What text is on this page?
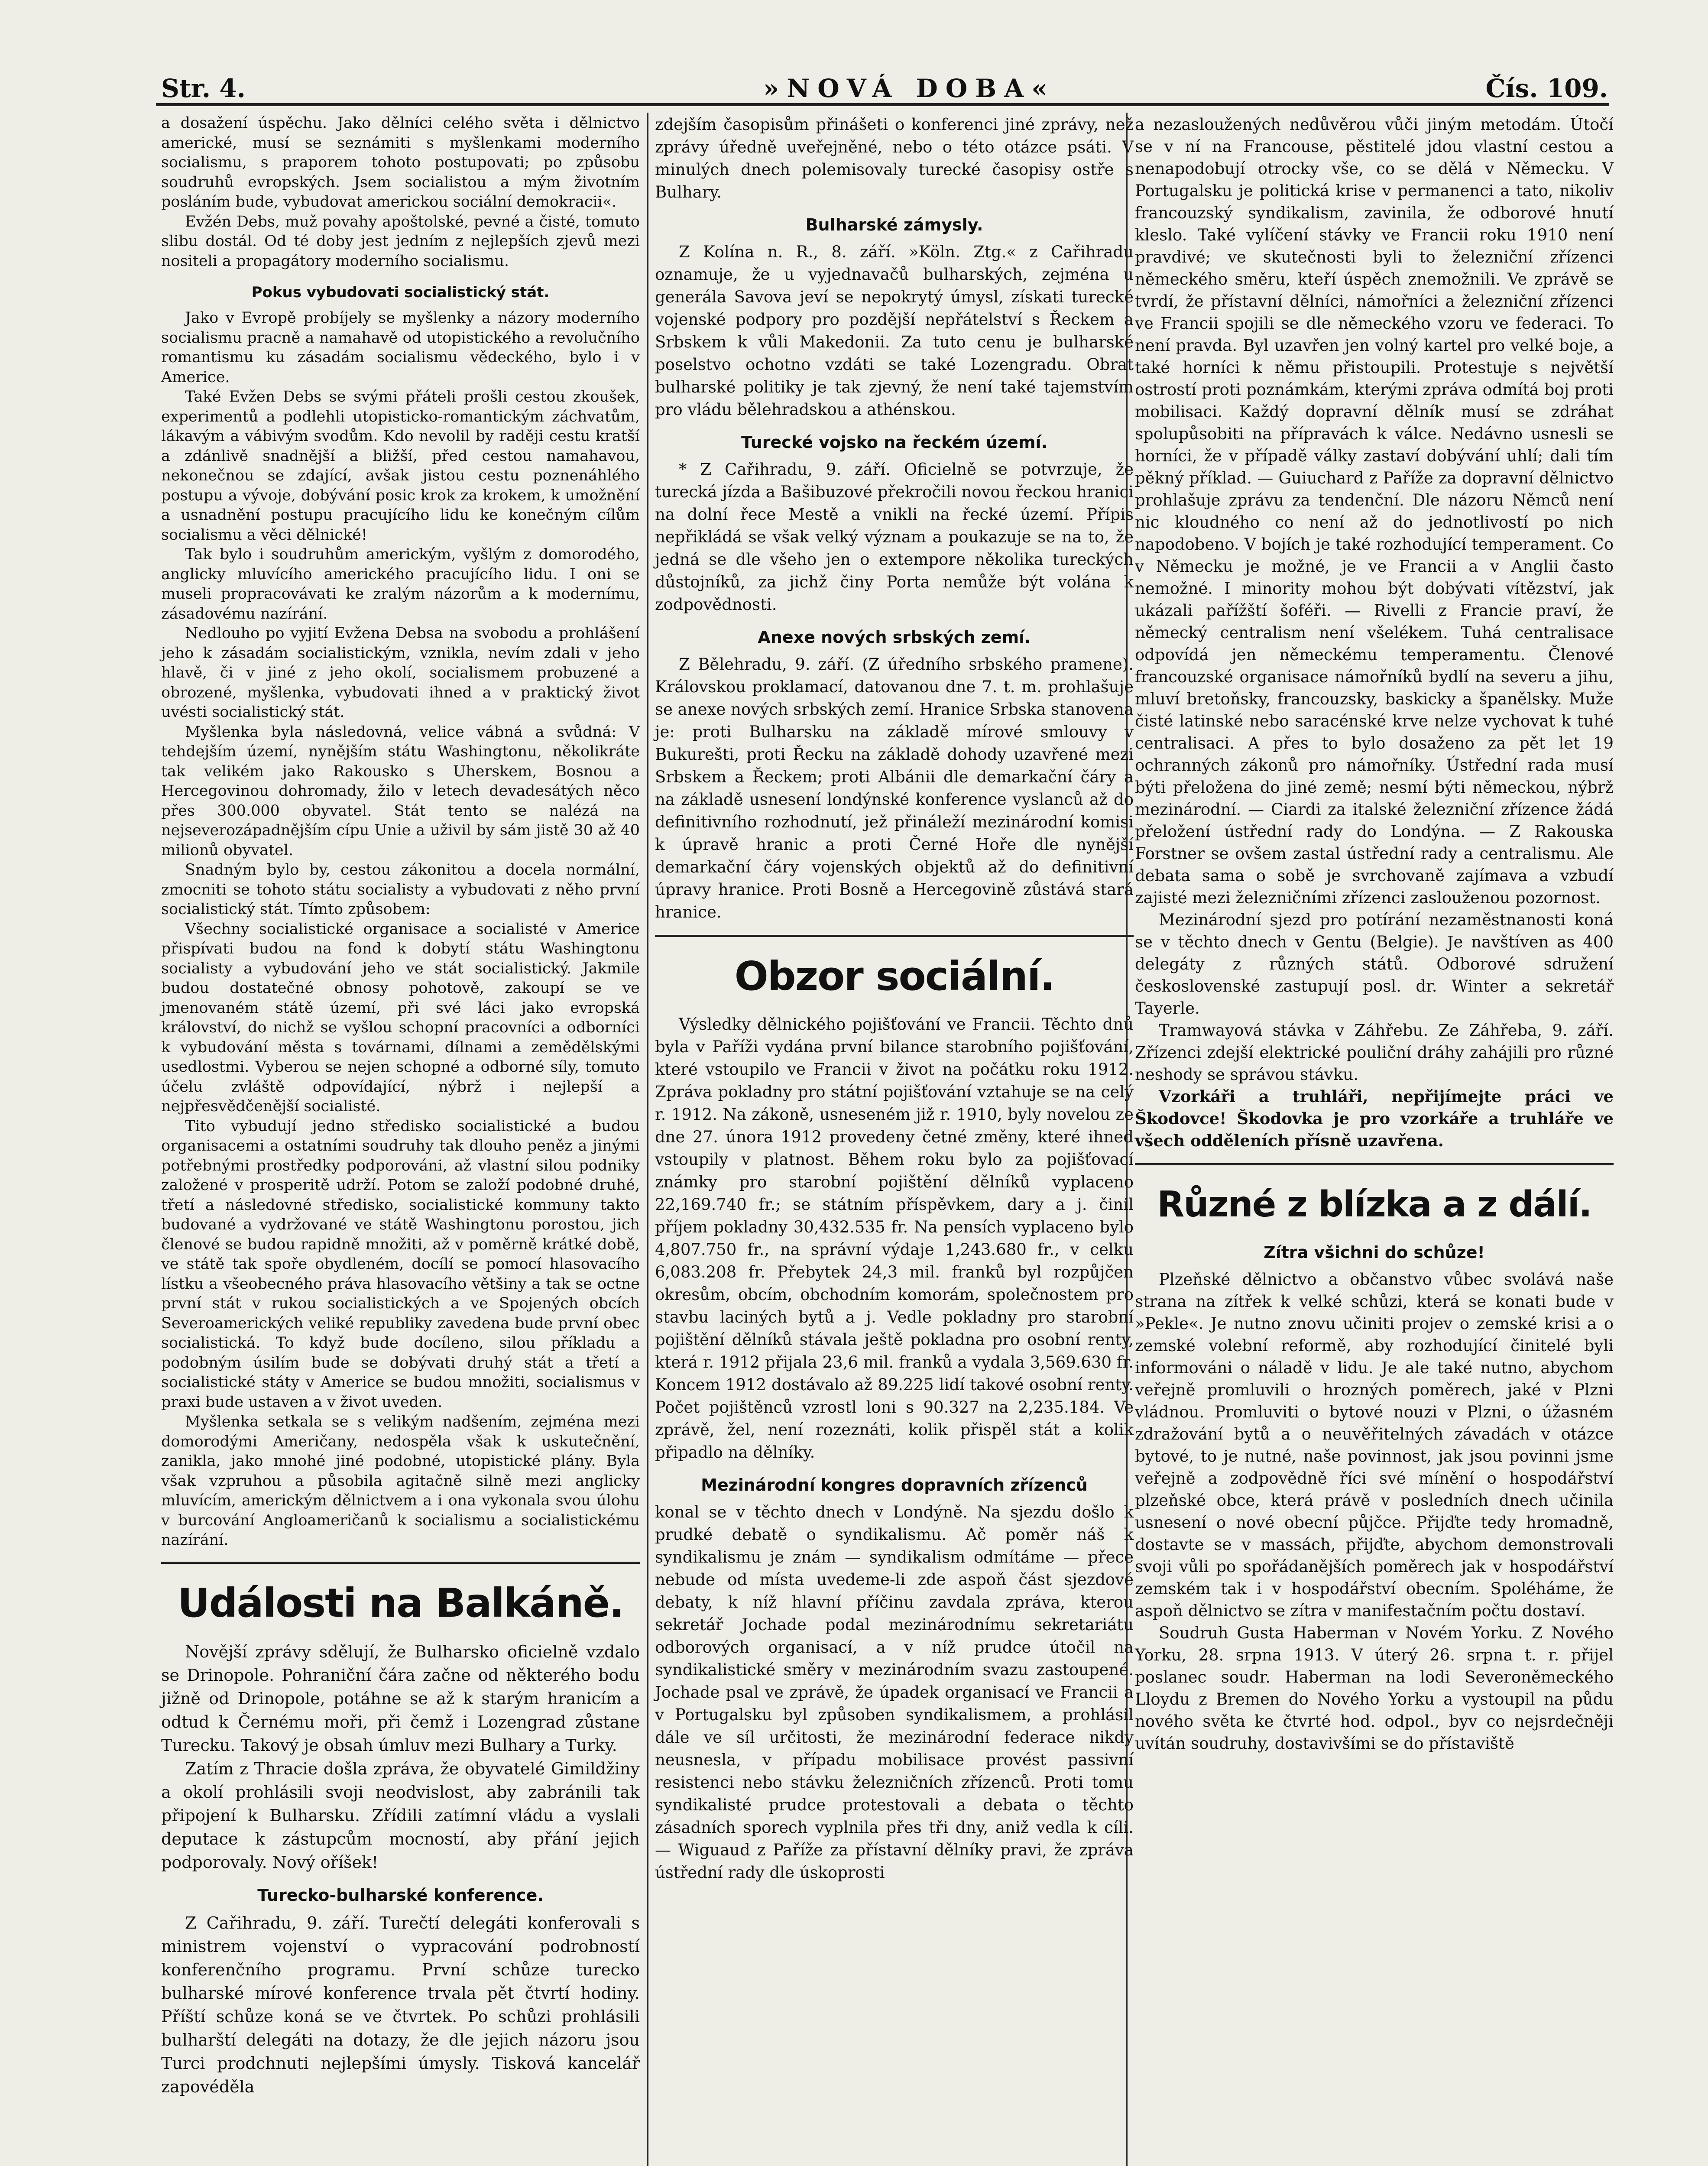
Str. 4.	»NOVÁ DOBA«	Čís. 109.

a dosažení úspěchu. Jako dělníci celého světa i dělnictvo americké, musí se seznámiti s myšlenkami moderního socialismu, s praporem tohoto postupovati; po způsobu soudruhů evropských. Jsem socialistou a mým životním posláním bude, vybudovat americkou sociální demokracii«.

Evžén Debs, muž povahy apoštolské, pevné a čisté, tomuto slibu dostál. Od té doby jest jedním z nejlepších zjevů mezi nositeli a propagátory moderního socialismu.

Pokus vybudovati socialistický stát.

Jako v Evropě probíjely se myšlenky a názory moderního socialismu pracně a namahavě od utopistického a revolučního romantismu ku zásadám socialismu vědeckého, bylo i v Americe.

Také Evžen Debs se svými přáteli prošli cestou zkoušek, experimentů a podlehli utopisticko-romantickým záchvatům, lákavým a vábivým svodům. Kdo nevolil by raději cestu kratší a zdánlivě snadnější a bližší, před cestou namahavou, nekonečnou se zdající, avšak jistou cestu poznenáhlého postupu a vývoje, dobývání posic krok za krokem, k umožnění a usnadnění postupu pracujícího lidu ke konečným cílům socialismu a věci dělnické!

Tak bylo i soudruhům americkým, vyšlým z domorodého, anglicky mluvícího amerického pracujícího lidu. I oni se museli propracovávati ke zralým názorům a k modernímu, zásadovému nazírání.

Nedlouho po vyjití Evžena Debsa na svobodu a prohlášení jeho k zásadám socialistickým, vznikla, nevím zdali v jeho hlavě, či v jiné z jeho okolí, socialismem probuzené a obrozené, myšlenka, vybudovati ihned a v praktický život uvésti socialistický stát.

Myšlenka byla následovná, velice vábná a svůdná: V tehdejším území, nynějším státu Washingtonu, několikráte tak velikém jako Rakousko s Uherskem, Bosnou a Hercegovinou dohromady, žilo v letech devadesátých něco přes 300.000 obyvatel. Stát tento se nalézá na nejseverozápadnějším cípu Unie a uživil by sám jistě 30 až 40 milionů obyvatel.

Snadným bylo by, cestou zákonitou a docela normální, zmocniti se tohoto státu socialisty a vybudovati z něho první socialistický stát. Tímto způsobem:

Všechny socialistické organisace a socialisté v Americe přispívati budou na fond k dobytí státu Washingtonu socialisty a vybudování jeho ve stát socialistický. Jakmile budou dostatečné obnosy pohotově, zakoupí se ve jmenovaném státě území, při své láci jako evropská království, do nichž se vyšlou schopní pracovníci a odborníci k vybudování města s továrnami, dílnami a zemědělskými usedlostmi. Vyberou se nejen schopné a odborné síly, tomuto účelu zvláště odpovídající, nýbrž i nejlepší a nejpřesvědčenější socialisté.

Tito vybudují jedno středisko socialistické a budou organisacemi a ostatními soudruhy tak dlouho peněz a jinými potřebnými prostředky podporováni, až vlastní silou podniky založené v prosperitě udrží. Potom se založí podobné druhé, třetí a následovné středisko, socialistické kommuny takto budované a vydržované ve státě Washingtonu porostou, jich členové se budou rapidně množiti, až v poměrně krátké době, ve státě tak spoře obydleném, docílí se pomocí hlasovacího lístku a všeobecného práva hlasovacího většiny a tak se octne první stát v rukou socialistických a ve Spojených obcích Severoamerických veliké republiky zavedena bude první obec socialistická. To když bude docíleno, silou příkladu a podobným úsilím bude se dobývati druhý stát a třetí a socialistické státy v Americe se budou množiti, socialismus v praxi bude ustaven a v život uveden.

Myšlenka setkala se s velikým nadšením, zejména mezi domorodými Američany, nedospěla však k uskutečnění, zanikla, jako mnohé jiné podobné, utopistické plány. Byla však vzpruhou a působila agitačně silně mezi anglicky mluvícím, americkým dělnictvem a i ona vykonala svou úlohu v burcování Angloameričanů k socialismu a socialistickému nazírání.

Události na Balkáně.

Novější zprávy sdělují, že Bulharsko oficielně vzdalo se Drinopole. Pohraniční čára začne od některého bodu jižně od Drinopole, potáhne se až k starým hranicím a odtud k Černému moři, při čemž i Lozengrad zůstane Turecku. Takový je obsah úmluv mezi Bulhary a Turky.

Zatím z Thracie došla zpráva, že obyvatelé Gimildžiny a okolí prohlásili svoji neodvislost, aby zabránili tak připojení k Bulharsku. Zřídili zatímní vládu a vyslali deputace k zástupcům mocností, aby přání jejich podporovaly. Nový oříšek!

Turecko-bulharské konference.

Z Cařihradu, 9. září. Turečtí delegáti konferovali s ministrem vojenství o vypracování podrobností konferenčního programu. První schůze turecko bulharské mírové konference trvala pět čtvrtí hodiny. Příští schůze koná se ve čtvrtek. Po schůzi prohlásili bulharští delegáti na dotazy, že dle jejich názoru jsou Turci prodchnuti nejlepšími úmysly. Tisková kancelář zapovéděla

zdejším časopisům přinášeti o konferenci jiné zprávy, než zprávy úředně uveřejněné, nebo o této otázce psáti. V minulých dnech polemisovaly turecké časopisy ostře s Bulhary.

Bulharské zámysly.

Z Kolína n. R., 8. září. »Köln. Ztg.« z Cařihradu oznamuje, že u vyjednavačů bulharských, zejména u generála Savova jeví se nepokrytý úmysl, získati turecké vojenské podpory pro pozdější nepřátelství s Řeckem a Srbskem k vůli Makedonii. Za tuto cenu je bulharské poselstvo ochotno vzdáti se také Lozengradu. Obrat bulharské politiky je tak zjevný, že není také tajemstvím pro vládu bělehradskou a athénskou.

Turecké vojsko na řeckém území.

* Z Cařihradu, 9. září. Oficielně se potvrzuje, že turecká jízda a Bašibuzové překročili novou řeckou hranici na dolní řece Mestě a vnikli na řecké území. Přípis nepřikládá se však velký význam a poukazuje se na to, že jedná se dle všeho jen o extempore několika tureckých důstojníků, za jichž činy Porta nemůže být volána k zodpovědnosti.

Anexe nových srbských zemí.

Z Bělehradu, 9. září. (Z úředního srbského pramene). Královskou proklamací, datovanou dne 7. t. m. prohlašuje se anexe nových srbských zemí. Hranice Srbska stanovena je: proti Bulharsku na základě mírové smlouvy v Bukurešti, proti Řecku na základě dohody uzavřené mezi Srbskem a Řeckem; proti Albánii dle demarkační čáry a na základě usnesení londýnské konference vyslanců až do definitivního rozhodnutí, jež přináleží mezinárodní komisi k úpravě hranic a proti Černé Hoře dle nynější demarkační čáry vojenských objektů až do definitivní úpravy hranice. Proti Bosně a Hercegovině zůstává stará hranice.

Obzor sociální.

Výsledky dělnického pojišťování ve Francii. Těchto dnů byla v Paříži vydána první bilance starobního pojišťování, které vstoupilo ve Francii v život na počátku roku 1912. Zpráva pokladny pro státní pojišťování vztahuje se na celý r. 1912. Na zákoně, usneseném již r. 1910, byly novelou ze dne 27. února 1912 provedeny četné změny, které ihned vstoupily v platnost. Během roku bylo za pojišťovací známky pro starobní pojištění dělníků vyplaceno 22,169.740 fr.; se státním příspěvkem, dary a j. činil příjem pokladny 30,432.535 fr. Na pensích vyplaceno bylo 4,807.750 fr., na správní výdaje 1,243.680 fr., v celku 6,083.208 fr. Přebytek 24,3 mil. franků byl rozpůjčen okresům, obcím, obchodním komorám, společnostem pro stavbu laciných bytů a j. Vedle pokladny pro starobní pojištění dělníků stávala ještě pokladna pro osobní renty, která r. 1912 přijala 23,6 mil. franků a vydala 3,569.630 fr. Koncem 1912 dostávalo až 89.225 lidí takové osobní renty. Počet pojištěnců vzrostl loni s 90.327 na 2,235.184. Ve zprávě, žel, není rozeznáti, kolik přispěl stát a kolik připadlo na dělníky.

Mezinárodní kongres dopravních zřízenců

konal se v těchto dnech v Londýně. Na sjezdu došlo k prudké debatě o syndikalismu. Ač poměr náš k syndikalismu je znám — syndikalism odmítáme — přece nebude od místa uvedeme-li zde aspoň část sjezdové debaty, k níž hlavní příčinu zavdala zpráva, kterou sekretář Jochade podal mezinárodnímu sekretariátu odborových organisací, a v níž prudce útočil na syndikalistické směry v mezinárodním svazu zastoupené. Jochade psal ve zprávě, že úpadek organisací ve Francii a v Portugalsku byl způsoben syndikalismem, a prohlásil dále ve síl určitosti, že mezinárodní federace nikdy neusnesla, v případu mobilisace provést passivní resistenci nebo stávku železničních zřízenců. Proti tomu syndikalisté prudce protestovali a debata o těchto zásadních sporech vyplnila přes tři dny, aniž vedla k cíli. — Wiguaud z Paříže za přístavní dělníky pravi, že zpráva ústřední rady dle úskoprosti

a nezasloužených nedůvěrou vůči jiným metodám. Útočí se v ní na Francouse, pěstitelé jdou vlastní cestou a nenapodobují otrocky vše, co se dělá v Německu. V Portugalsku je politická krise v permanenci a tato, nikoliv francouzský syndikalism, zavinila, že odborové hnutí kleslo. Také vylíčení stávky ve Francii roku 1910 není pravdivé; ve skutečnosti byli to železniční zřízenci německého směru, kteří úspěch znemožnili. Ve zprávě se tvrdí, že přístavní dělníci, námořníci a železniční zřízenci ve Francii spojili se dle německého vzoru ve federaci. To není pravda. Byl uzavřen jen volný kartel pro velké boje, a také horníci k němu přistoupili. Protestuje s největší ostrostí proti poznámkám, kterými zpráva odmítá boj proti mobilisaci. Každý dopravní dělník musí se zdráhat spolupůsobiti na přípravách k válce. Nedávno usnesli se horníci, že v případě války zastaví dobývání uhlí; dali tím pěkný příklad. — Guiuchard z Paříže za dopravní dělnictvo prohlašuje zprávu za tendenční. Dle názoru Němců není nic kloudného co není až do jednotlivostí po nich napodobeno. V bojích je také rozhodující temperament. Co v Německu je možné, je ve Francii a v Anglii často nemožné. I minority mohou být dobývati vítězství, jak ukázali pařížští šoféři. — Rivelli z Francie praví, že německý centralism není všelékem. Tuhá centralisace odpovídá jen německému temperamentu. Členové francouzské organisace námořníků bydlí na severu a jihu, mluví bretoňsky, francouzsky, baskicky a španělsky. Muže čisté latinské nebo saracénské krve nelze vychovat k tuhé centralisaci. A přes to bylo dosaženo za pět let 19 ochranných zákonů pro námořníky. Ústřední rada musí býti přeložena do jiné země; nesmí býti německou, nýbrž mezinárodní. — Ciardi za italské železniční zřízence žádá přeložení ústřední rady do Londýna. — Z Rakouska Forstner se ovšem zastal ústřední rady a centralismu. Ale debata sama o sobě je svrchovaně zajímava a vzbudí zajisté mezi železničními zřízenci zaslouženou pozornost.

Mezinárodní sjezd pro potírání nezaměstnanosti koná se v těchto dnech v Gentu (Belgie). Je navštíven as 400 delegáty z různých států. Odborové sdružení československé zastupují posl. dr. Winter a sekretář Tayerle.

Tramwayová stávka v Záhřebu. Ze Záhřeba, 9. září. Zřízenci zdejší elektrické pouliční dráhy zahájili pro různé neshody se správou stávku.

Vzorkáři a truhláři, nepřijímejte práci ve Škodovce! Škodovka je pro vzorkáře a truhláře ve všech odděleních přísně uzavřena.

Různé z blízka a z dálí.
Zítra všichni do schůze!

Plzeňské dělnictvo a občanstvo vůbec svolává naše strana na zítřek k velké schůzi, která se konati bude v »Pekle«. Je nutno znovu učiniti projev o zemské krisi a o zemské volební reformě, aby rozhodující činitelé byli informováni o náladě v lidu. Je ale také nutno, abychom veřejně promluvili o hrozných poměrech, jaké v Plzni vládnou. Promluviti o bytové nouzi v Plzni, o úžasném zdražování bytů a o neuvěřitelných závadách v otázce bytové, to je nutné, naše povinnost, jak jsou povinni jsme veřejně a zodpovědně říci své mínění o hospodářství plzeňské obce, která právě v posledních dnech učinila usnesení o nové obecní půjčce. Přijďte tedy hromadně, dostavte se v massách, přijďte, abychom demonstrovali svoji vůli po spořádanějších poměrech jak v hospodářství zemském tak i v hospodářství obecním. Spoléháme, že aspoň dělnictvo se zítra v manifestačním počtu dostaví.

Soudruh Gusta Haberman v Novém Yorku. Z Nového Yorku, 28. srpna 1913. V úterý 26. srpna t. r. přijel poslanec soudr. Haberman na lodi Severoněmeckého Lloydu z Bremen do Nového Yorku a vystoupil na půdu nového světa ke čtvrté hod. odpol., byv co nejsrdečněji uvítán soudruhy, dostavivšími se do přístaviště
